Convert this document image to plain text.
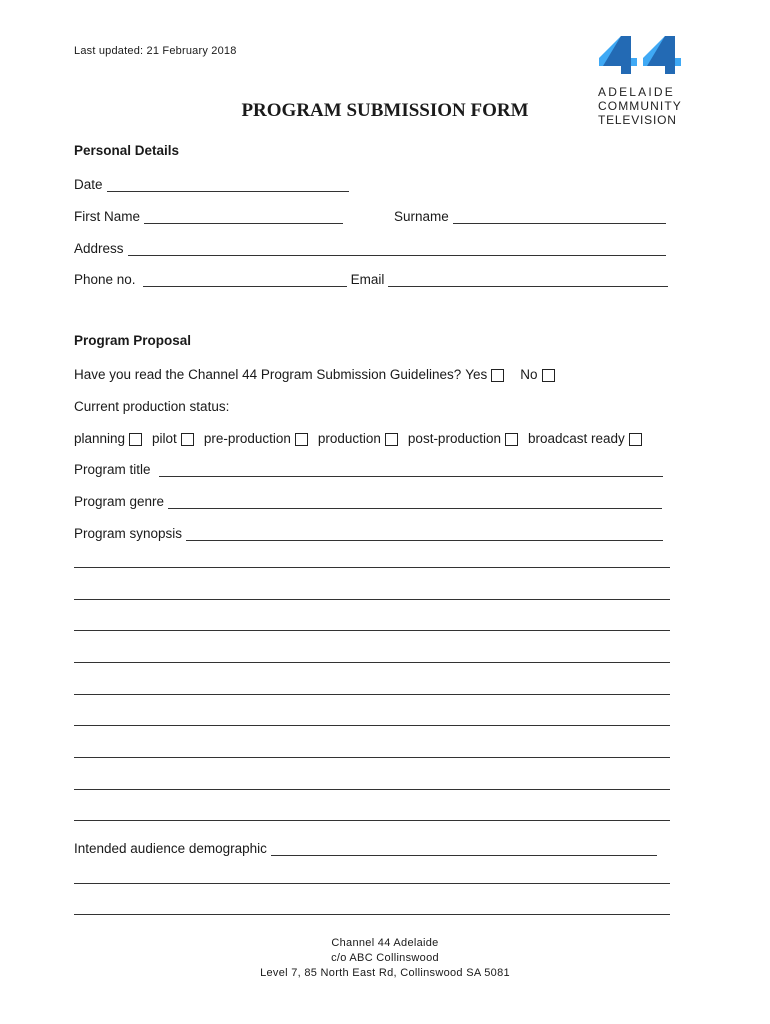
Last updated: 21 February 2018
ADELAIDE
COMMUNITY
TELEVISION
PROGRAM SUBMISSION FORM
Personal Details
Date
First Name	Surname
Address
Phone no.	Email
Program Proposal
Have you read the Channel 44 Program Submission Guidelines? Yes No
Current production status:
planning pilot pre-production production post-production broadcast ready
Program title
Program genre
Program synopsis
Intended audience demographic
Channel 44 Adelaide
c/o ABC Collinswood
Level 7, 85 North East Rd, Collinswood SA 5081
